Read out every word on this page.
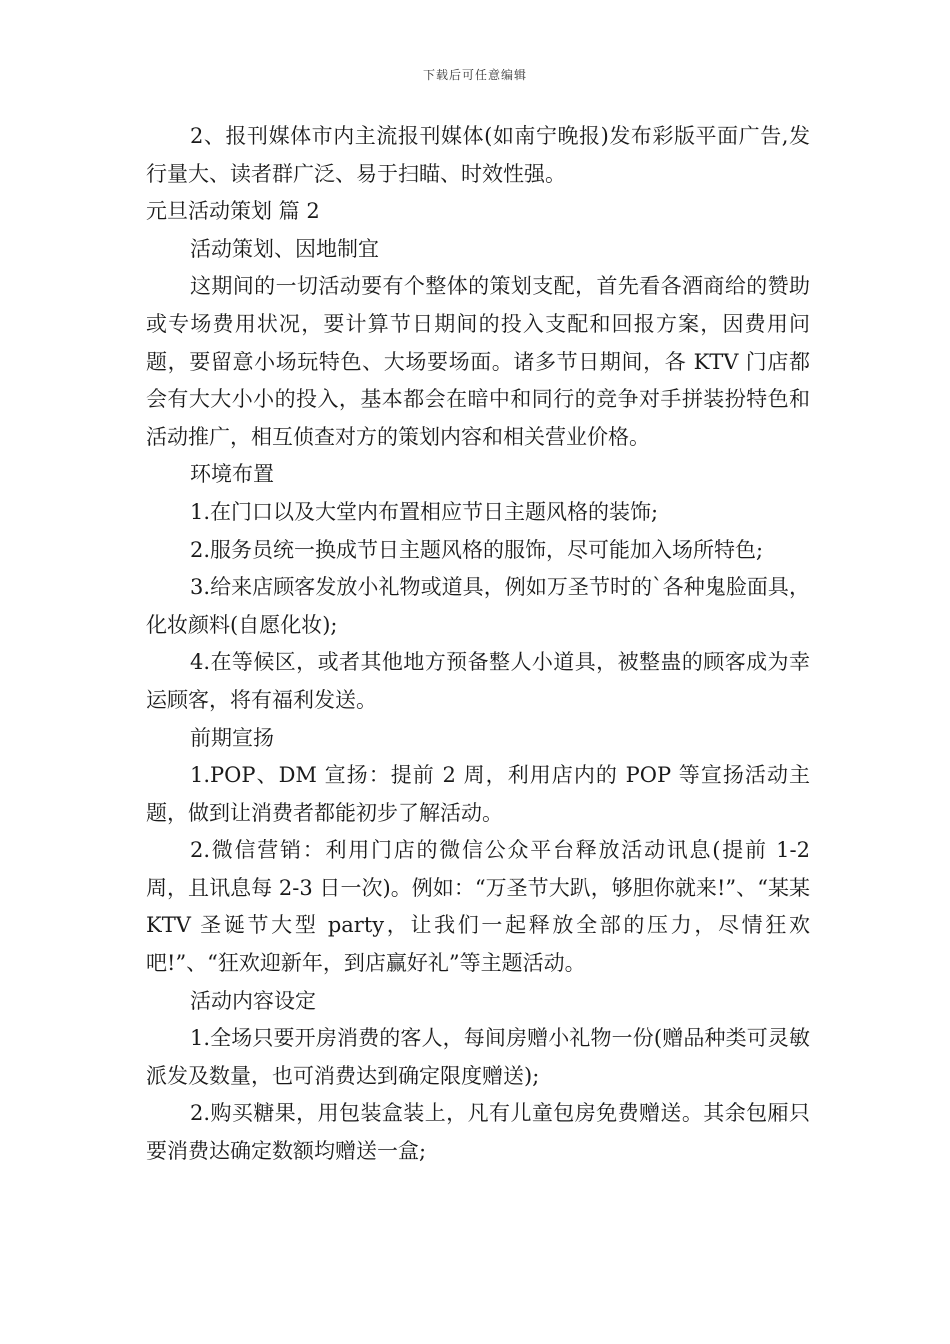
下载后可任意编辑

2、报刊媒体市内主流报刊媒体(如南宁晚报)发布彩版平面广告,发行量大、读者群广泛、易于扫瞄、时效性强。

元旦活动策划 篇 2

活动策划、因地制宜

这期间的一切活动要有个整体的策划支配，首先看各酒商给的赞助或专场费用状况，要计算节日期间的投入支配和回报方案，因费用问题，要留意小场玩特色、大场要场面。诸多节日期间，各 KTV 门店都会有大大小小的投入，基本都会在暗中和同行的竞争对手拼装扮特色和活动推广，相互侦查对方的策划内容和相关营业价格。

环境布置

1.在门口以及大堂内布置相应节日主题风格的装饰;

2.服务员统一换成节日主题风格的服饰，尽可能加入场所特色;

3.给来店顾客发放小礼物或道具，例如万圣节时的`各种鬼脸面具，化妆颜料(自愿化妆);

4.在等候区，或者其他地方预备整人小道具，被整蛊的顾客成为幸运顾客，将有福利发送。

前期宣扬

1.POP、DM 宣扬：提前 2 周，利用店内的 POP 等宣扬活动主题，做到让消费者都能初步了解活动。

2.微信营销：利用门店的微信公众平台释放活动讯息(提前 1-2 周，且讯息每 2-3 日一次)。例如：“万圣节大趴，够胆你就来!”、“某某 KTV 圣诞节大型 party，让我们一起释放全部的压力，尽情狂欢吧!”、“狂欢迎新年，到店赢好礼”等主题活动。

活动内容设定

1.全场只要开房消费的客人，每间房赠小礼物一份(赠品种类可灵敏派发及数量，也可消费达到确定限度赠送);

2.购买糖果，用包装盒装上，凡有儿童包房免费赠送。其余包厢只要消费达确定数额均赠送一盒;
